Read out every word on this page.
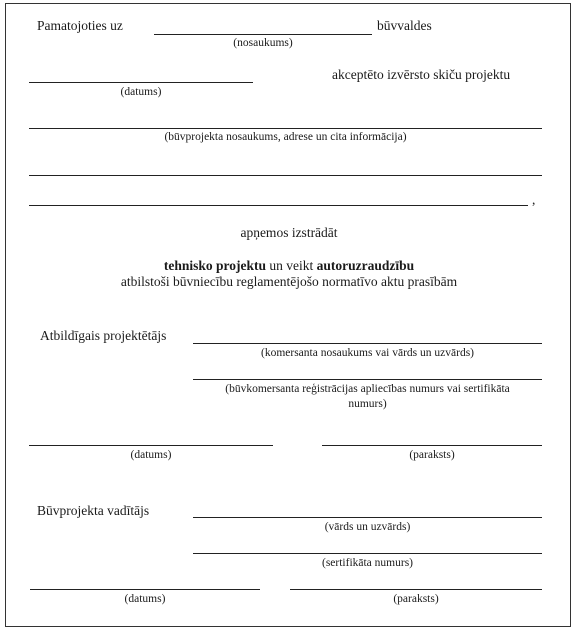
Pamatojoties uz	būvvaldes
(nosaukums)
akceptēto izvērsto skiču projektu
(datums)
(būvprojekta nosaukums, adrese un cita informācija)
,
apņemos izstrādāt
tehnisko projektu un veikt autoruzraudzību
atbilstoši būvniecību reglamentējošo normatīvo aktu prasībām
Atbildīgais projektētājs
(komersanta nosaukums vai vārds un uzvārds)
(būvkomersanta reģistrācijas apliecības numurs vai sertifikāta
numurs)
(datums)	(paraksts)
Būvprojekta vadītājs
(vārds un uzvārds)
(sertifikāta numurs)
(datums)	(paraksts)
